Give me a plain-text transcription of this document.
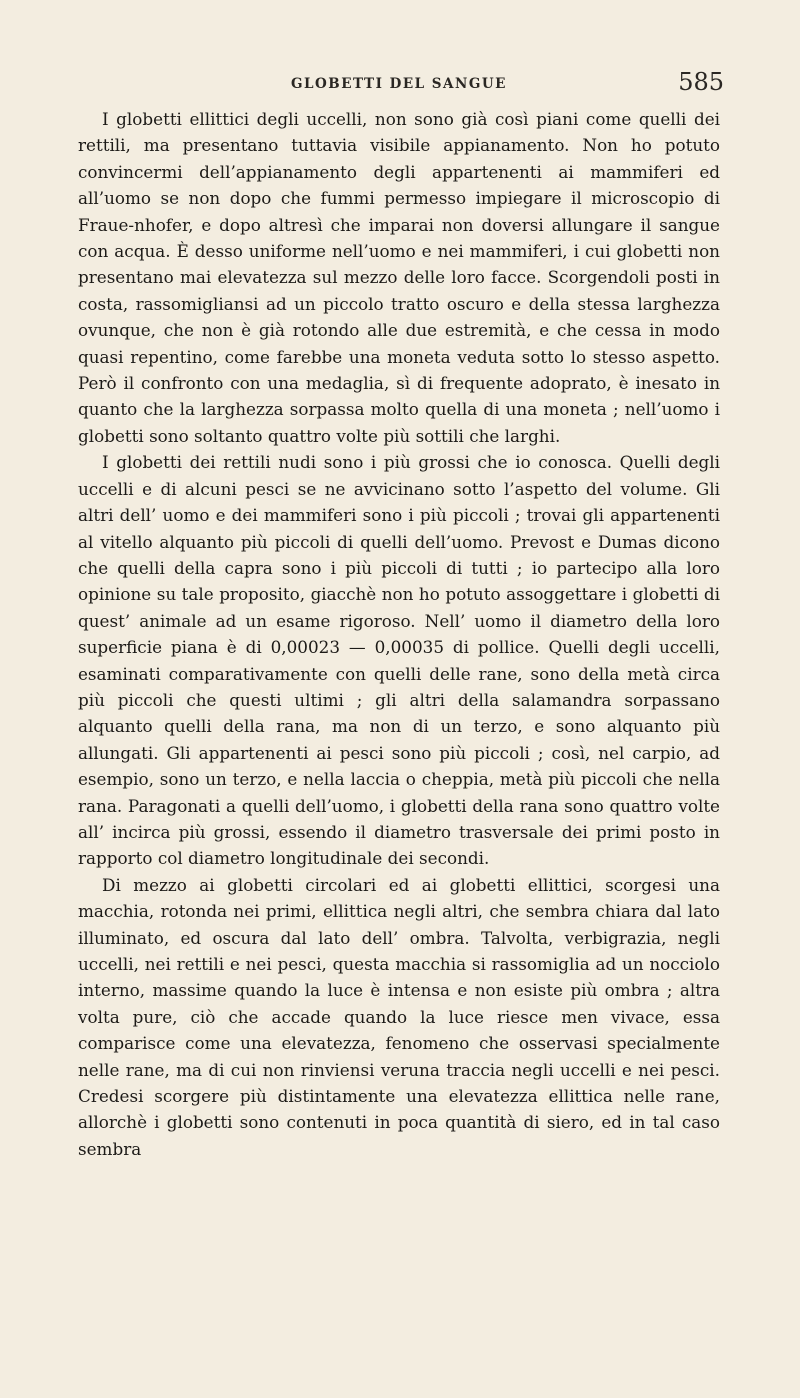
GLOBETTI DEL SANGUE	585

I globetti ellittici degli uccelli, non sono già così piani come quelli dei rettili, ma presentano tuttavia visibile appianamento. Non ho potuto convincermi dell’appianamento degli appartenenti ai mammiferi ed all’uomo se non dopo che fummi permesso impiegare il microscopio di Fraue-nhofer, e dopo altresì che imparai non doversi allungare il sangue con acqua. È desso uniforme nell’uomo e nei mammiferi, i cui globetti non presentano mai elevatezza sul mezzo delle loro facce. Scorgendoli posti in costa, rassomigliansi ad un piccolo tratto oscuro e della stessa larghezza ovunque, che non è già rotondo alle due estremità, e che cessa in modo quasi repentino, come farebbe una moneta veduta sotto lo stesso aspetto. Però il confronto con una medaglia, sì di frequente adoprato, è inesato in quanto che la larghezza sorpassa molto quella di una moneta ; nell’uomo i globetti sono soltanto quattro volte più sottili che larghi.

I globetti dei rettili nudi sono i più grossi che io conosca. Quelli degli uccelli e di alcuni pesci se ne avvicinano sotto l’aspetto del volume. Gli altri dell’ uomo e dei mammiferi sono i più piccoli ; trovai gli appartenenti al vitello alquanto più piccoli di quelli dell’uomo. Prevost e Dumas dicono che quelli della capra sono i più piccoli di tutti ; io partecipo alla loro opinione su tale proposito, giacchè non ho potuto assoggettare i globetti di quest’ animale ad un esame rigoroso. Nell’ uomo il diametro della loro superficie piana è di 0,00023 — 0,00035 di pollice. Quelli degli uccelli, esaminati comparativamente con quelli delle rane, sono della metà circa più piccoli che questi ultimi ; gli altri della salamandra sorpassano alquanto quelli della rana, ma non di un terzo, e sono alquanto più allungati. Gli appartenenti ai pesci sono più piccoli ; così, nel carpio, ad esempio, sono un terzo, e nella laccia o cheppia, metà più piccoli che nella rana. Paragonati a quelli dell’uomo, i globetti della rana sono quattro volte all’ incirca più grossi, essendo il diametro trasversale dei primi posto in rapporto col diametro longitudinale dei secondi.

Di mezzo ai globetti circolari ed ai globetti ellittici, scorgesi una macchia, rotonda nei primi, ellittica negli altri, che sembra chiara dal lato illuminato, ed oscura dal lato dell’ ombra. Talvolta, verbigrazia, negli uccelli, nei rettili e nei pesci, questa macchia si rassomiglia ad un nocciolo interno, massime quando la luce è intensa e non esiste più ombra ; altra volta pure, ciò che accade quando la luce riesce men vivace, essa comparisce come una elevatezza, fenomeno che osservasi specialmente nelle rane, ma di cui non rinviensi veruna traccia negli uccelli e nei pesci. Credesi scorgere più distintamente una elevatezza ellittica nelle rane, allorchè i globetti sono contenuti in poca quantità di siero, ed in tal caso sembra
